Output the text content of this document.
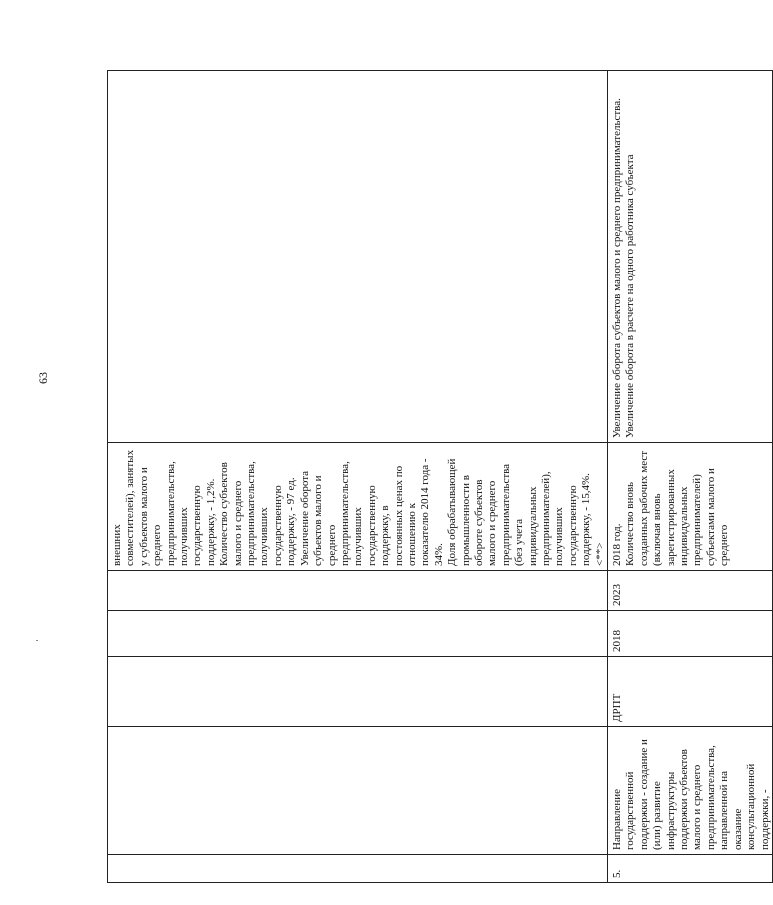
63

					внешних совместителей), занятых у субъектов малого и среднего предпринимательства, получивших государственную поддержку, - 1,2%.
Количество субъектов малого и среднего предпринимательства, получивших государственную поддержку, - 97 ед.
Увеличение оборота субъектов малого и среднего предпринимательства, получивших государственную поддержку, в постоянных ценах по отношению к показателю 2014 года - 34%.
Доля обрабатывающей промышленности в обороте субъектов малого и среднего предпринимательства (без учета индивидуальных предпринимателей), получивших государственную поддержку, - 15,4%.
<**>	

5.	Направление государственной поддержки - создание и (или) развитие инфраструктуры поддержки субъектов малого и среднего предпринимательства, направленной на оказание консультационной поддержки, -	ДРПТ	2018	2023	2018 год.
Количество вновь созданных рабочих мест (включая вновь зарегистрированных индивидуальных предпринимателей) субъектами малого и среднего	Увеличение оборота субъектов малого и среднего предпринимательства.
Увеличение оборота в расчете на одного работника субъекта
